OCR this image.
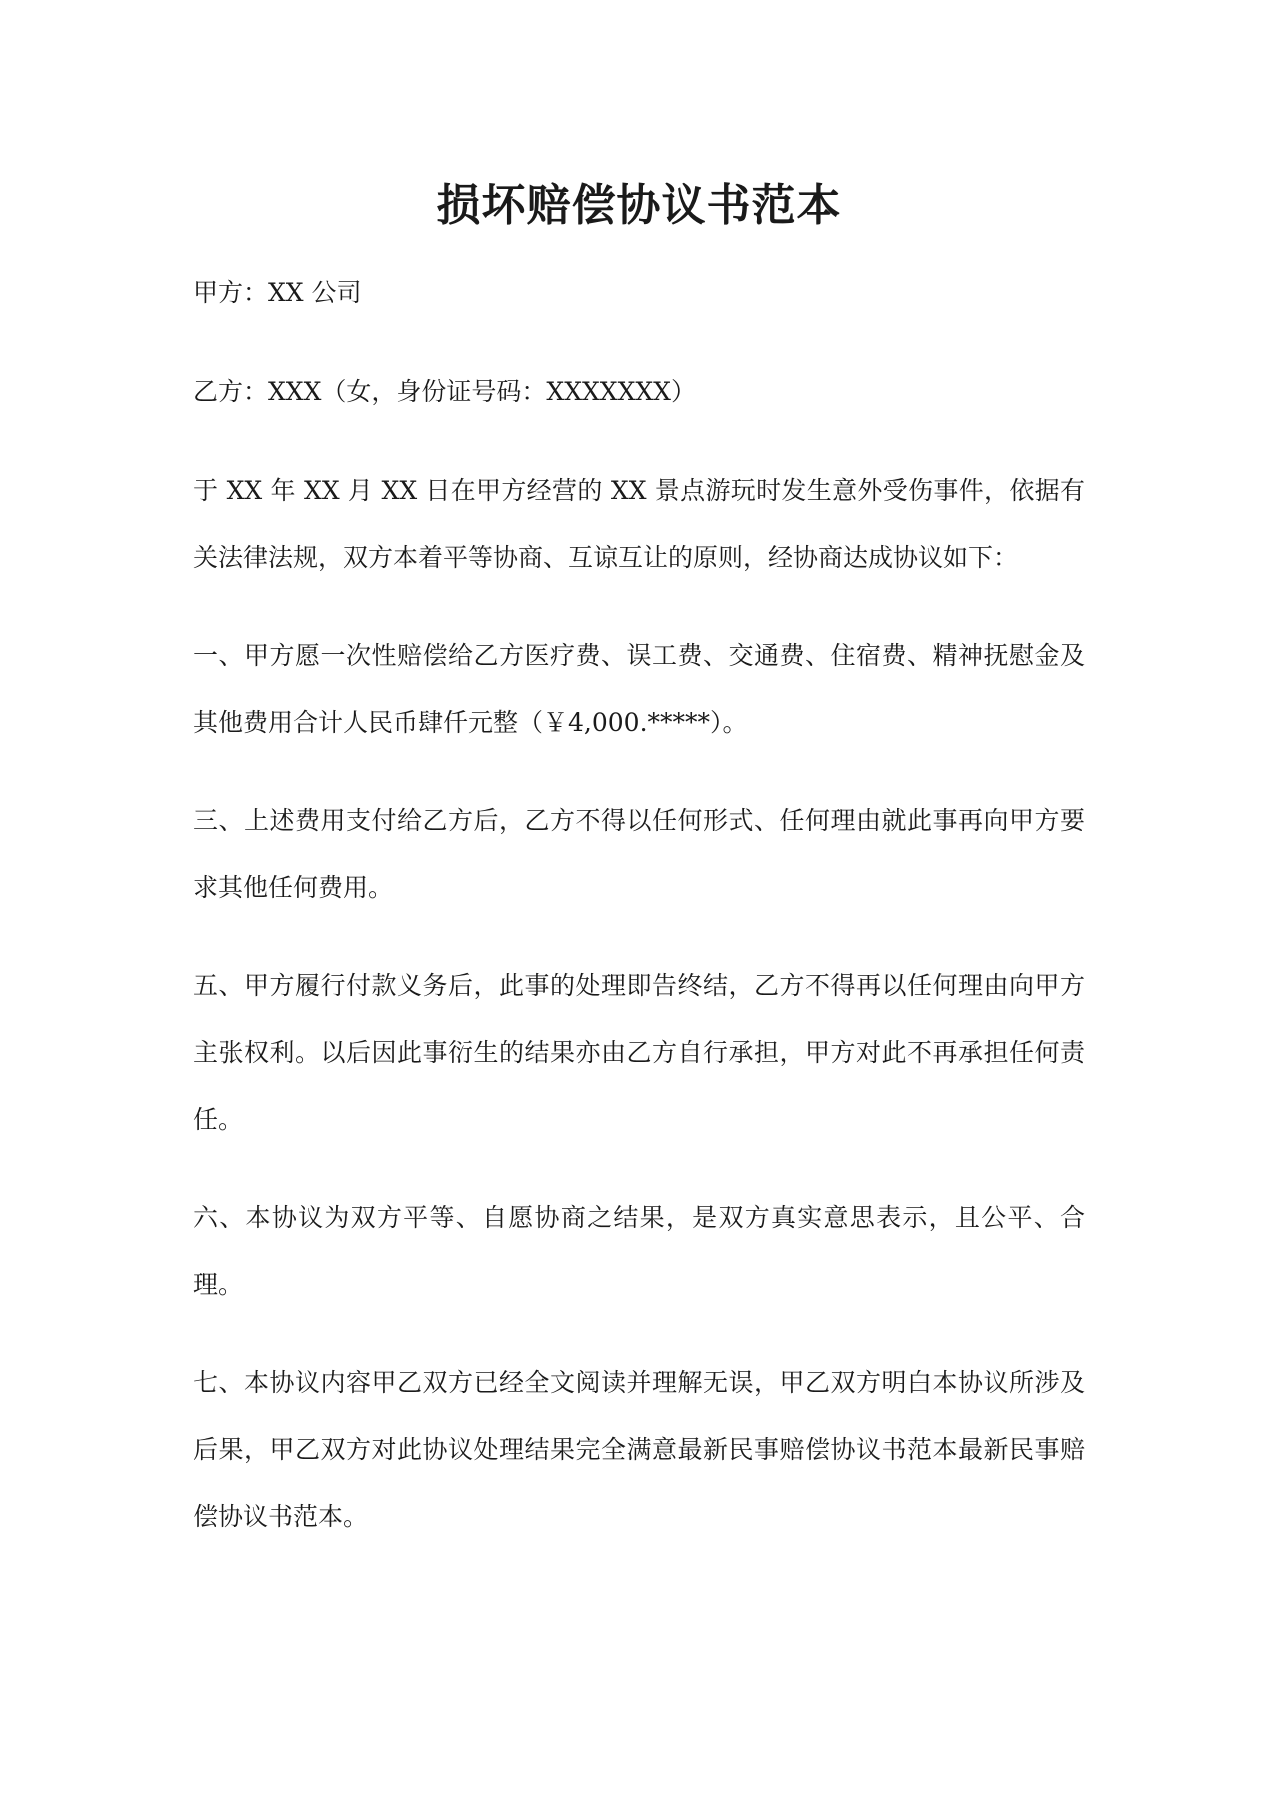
损坏赔偿协议书范本

甲方：XX 公司

乙方：XXX（女，身份证号码：XXXXXXX）

于 XX 年 XX 月 XX 日在甲方经营的 XX 景点游玩时发生意外受伤事件，依据有关法律法规，双方本着平等协商、互谅互让的原则，经协商达成协议如下：

一、甲方愿一次性赔偿给乙方医疗费、误工费、交通费、住宿费、精神抚慰金及其他费用合计人民币肆仟元整（￥4,000.*****）。

三、上述费用支付给乙方后，乙方不得以任何形式、任何理由就此事再向甲方要求其他任何费用。

五、甲方履行付款义务后，此事的处理即告终结，乙方不得再以任何理由向甲方主张权利。以后因此事衍生的结果亦由乙方自行承担，甲方对此不再承担任何责任。

六、本协议为双方平等、自愿协商之结果，是双方真实意思表示，且公平、合理。

七、本协议内容甲乙双方已经全文阅读并理解无误，甲乙双方明白本协议所涉及后果，甲乙双方对此协议处理结果完全满意最新民事赔偿协议书范本最新民事赔偿协议书范本。
